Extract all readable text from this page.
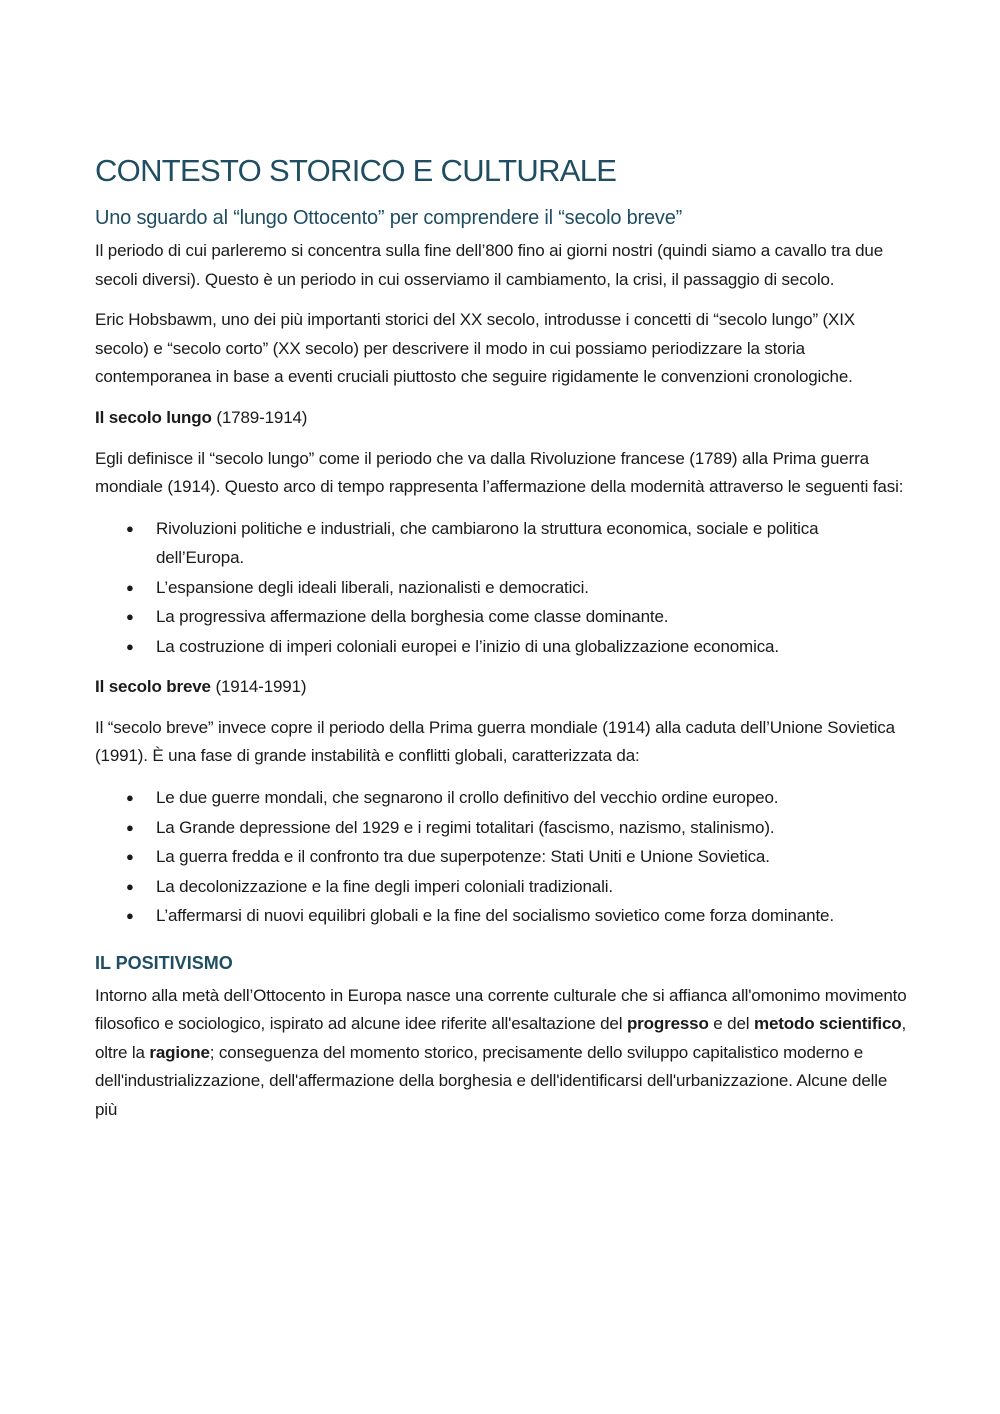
CONTESTO STORICO E CULTURALE
Uno sguardo al “lungo Ottocento” per comprendere il “secolo breve”

Il periodo di cui parleremo si concentra sulla fine dell’800 fino ai giorni nostri (quindi siamo a cavallo tra due secoli diversi). Questo è un periodo in cui osserviamo il cambiamento, la crisi, il passaggio di secolo.

Eric Hobsbawm, uno dei più importanti storici del XX secolo, introdusse i concetti di “secolo lungo” (XIX secolo) e “secolo corto” (XX secolo) per descrivere il modo in cui possiamo periodizzare la storia contemporanea in base a eventi cruciali piuttosto che seguire rigidamente le convenzioni cronologiche.

Il secolo lungo (1789-1914)

Egli definisce il “secolo lungo” come il periodo che va dalla Rivoluzione francese (1789) alla Prima guerra mondiale (1914). Questo arco di tempo rappresenta l’affermazione della modernità attraverso le seguenti fasi:

● Rivoluzioni politiche e industriali, che cambiarono la struttura economica, sociale e politica dell’Europa.
● L’espansione degli ideali liberali, nazionalisti e democratici.
● La progressiva affermazione della borghesia come classe dominante.
● La costruzione di imperi coloniali europei e l’inizio di una globalizzazione economica.

Il secolo breve (1914-1991)

Il “secolo breve” invece copre il periodo della Prima guerra mondiale (1914) alla caduta dell’Unione Sovietica (1991). È una fase di grande instabilità e conflitti globali, caratterizzata da:

● Le due guerre mondali, che segnarono il crollo definitivo del vecchio ordine europeo.
● La Grande depressione del 1929 e i regimi totalitari (fascismo, nazismo, stalinismo).
● La guerra fredda e il confronto tra due superpotenze: Stati Uniti e Unione Sovietica.
● La decolonizzazione e la fine degli imperi coloniali tradizionali.
● L’affermarsi di nuovi equilibri globali e la fine del socialismo sovietico come forza dominante.
IL POSITIVISMO

Intorno alla metà dell’Ottocento in Europa nasce una corrente culturale che si affianca all'omonimo movimento filosofico e sociologico, ispirato ad alcune idee riferite all'esaltazione del progresso e del metodo scientifico, oltre la ragione; conseguenza del momento storico, precisamente dello sviluppo capitalistico moderno e dell'industrializzazione, dell'affermazione della borghesia e dell'identificarsi dell'urbanizzazione. Alcune delle più
